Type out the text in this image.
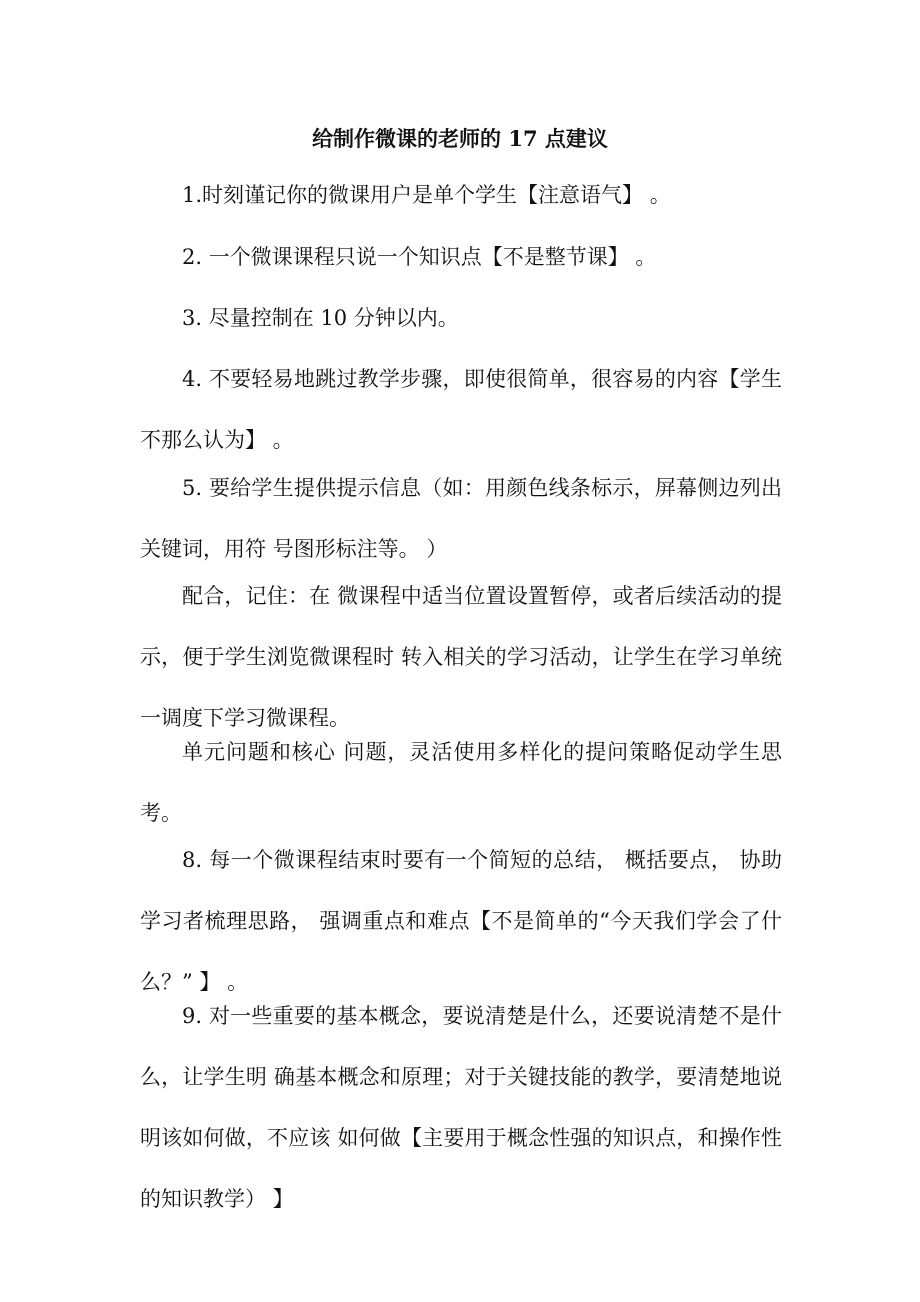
给制作微课的老师的 17 点建议

1.时刻谨记你的微课用户是单个学生【注意语气】 。

2. 一个微课课程只说一个知识点【不是整节课】 。

3. 尽量控制在 10 分钟以内。

4. 不要轻易地跳过教学步骤，即使很简单，很容易的内容【学生不那么认为】 。

5. 要给学生提供提示信息（如：用颜色线条标示，屏幕侧边列出关键词，用符 号图形标注等。 ）

配合，记住：在 微课程中适当位置设置暂停，或者后续活动的提示，便于学生浏览微课程时 转入相关的学习活动，让学生在学习单统一调度下学习微课程。

单元问题和核心 问题，灵活使用多样化的提问策略促动学生思考。

8. 每一个微课程结束时要有一个简短的总结， 概括要点， 协助学习者梳理思路， 强调重点和难点【不是简单的“今天我们学会了什么？” 】 。

9. 对一些重要的基本概念，要说清楚是什么，还要说清楚不是什么，让学生明 确基本概念和原理；对于关键技能的教学，要清楚地说明该如何做，不应该 如何做【主要用于概念性强的知识点，和操作性的知识教学） 】
